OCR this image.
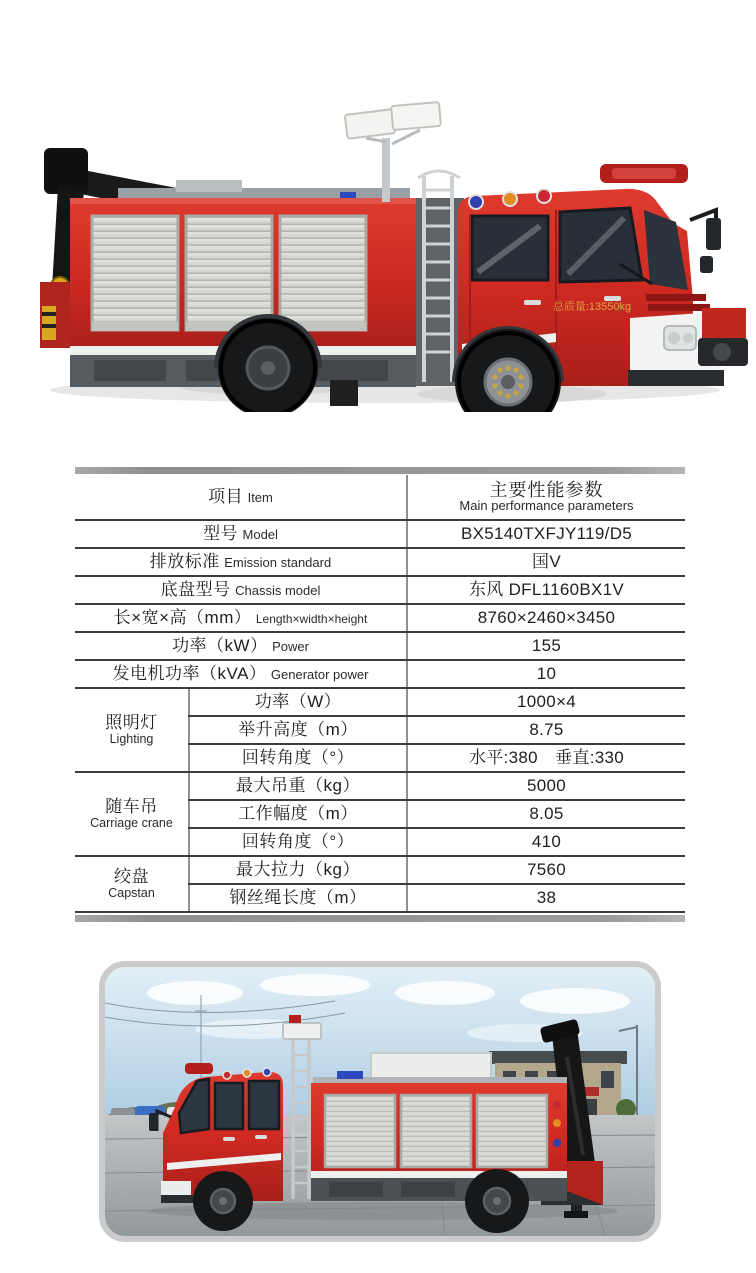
总质量:13550kg
项目 Item		主要性能参数
Main performance parameters

型号 Model		BX5140TXFJY119/D5
排放标准 Emission standard		国V
底盘型号 Chassis model		东风 DFL1160BX1V
长×宽×高（mm） Length×width×height		8760×2460×3450
功率（kW） Power		155
发电机功率（kVA） Generator power		10

照明灯
Lighting	功率（W）	1000×4
	举升高度（m）	8.75
	回转角度（°）	水平:380　垂直:330

随车吊
Carriage crane	最大吊重（kg）	5000
	工作幅度（m）	8.05
	回转角度（°）	410

绞盘
Capstan	最大拉力（kg）	7560
	钢丝绳长度（m）	38
